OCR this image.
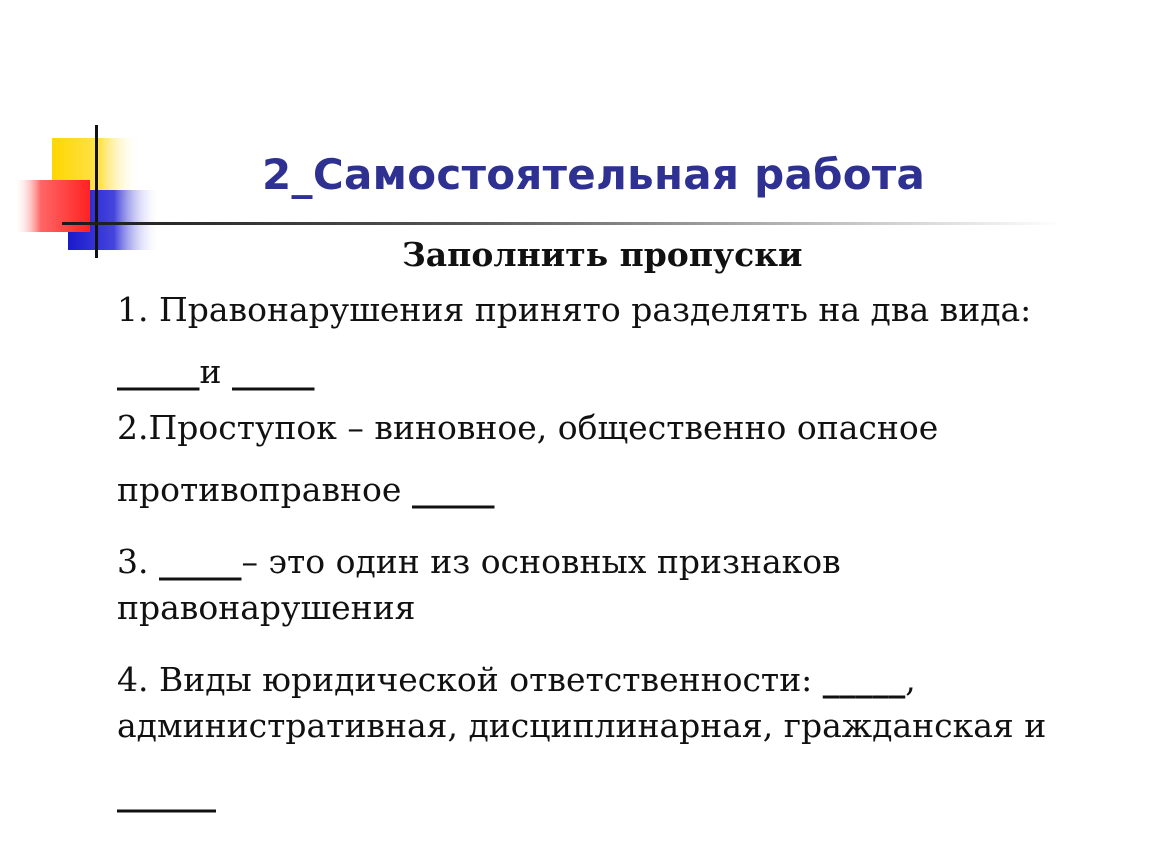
2_Самостоятельная работа
Заполнить пропуски

1. Правонарушения принято разделять на два вида:

_____и _____

2.Проступок – виновное, общественно опасное

противоправное _____

3. _____– это один из основных признаков

правонарушения

4. Виды юридической ответственности: _____,

административная, дисциплинарная, гражданская и

______
